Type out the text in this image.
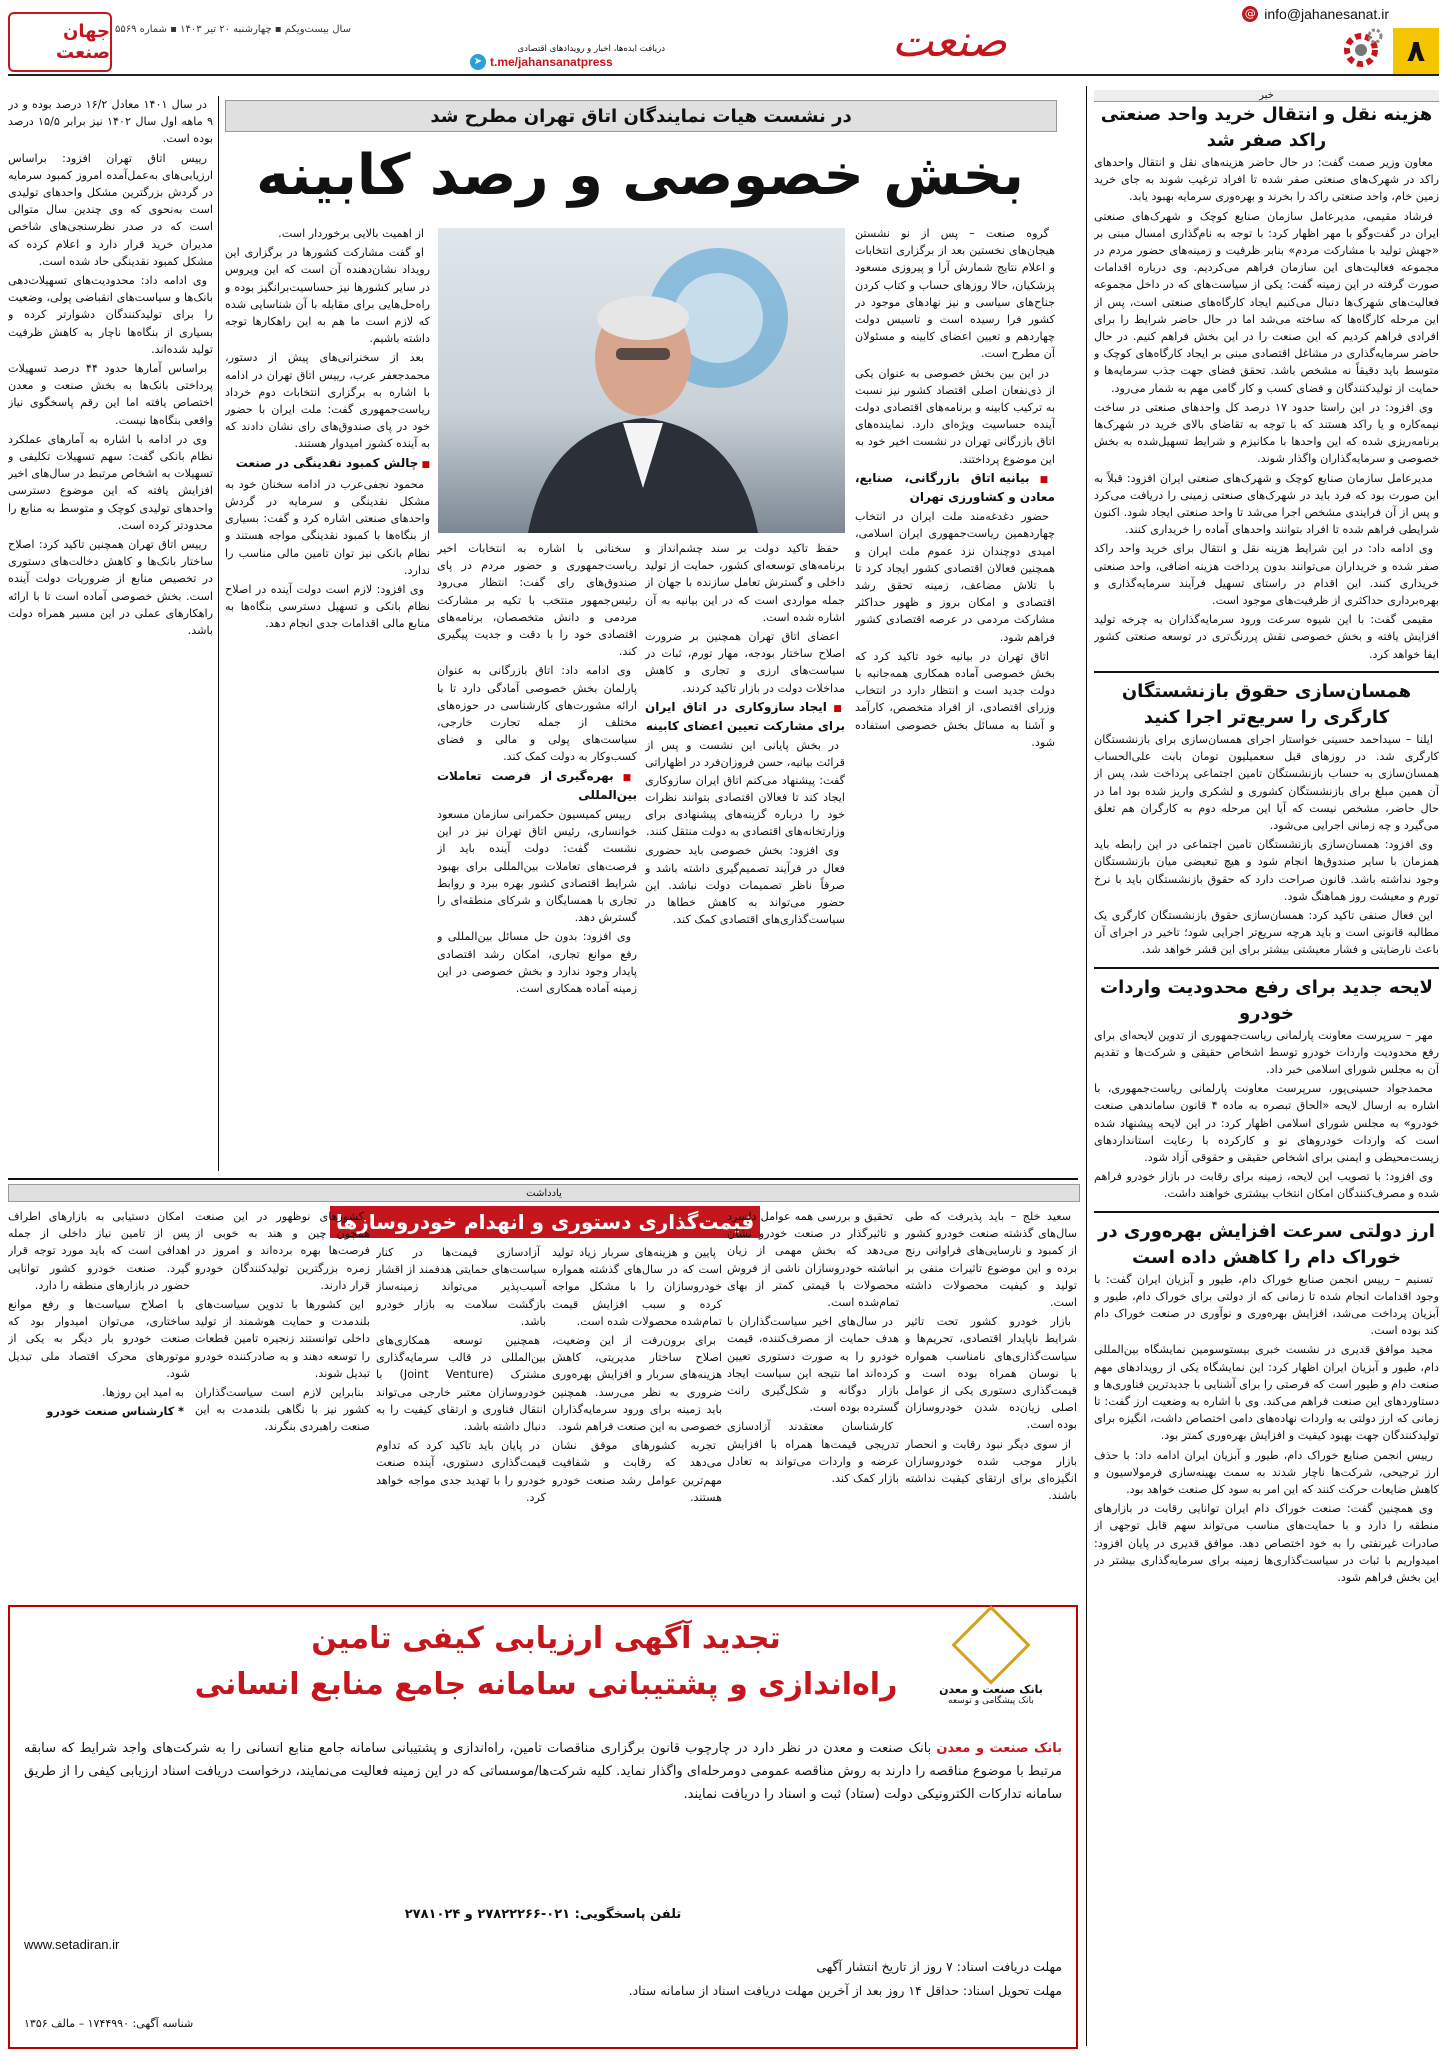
۸
@ info@jahanesanat.ir
صنعت
دریافت ایده‌ها، اخبار و رویدادهای اقتصادی
t.me/jahansanatpress
➤
سال بیست‌ویکم ▪ چهارشنبه ۲۰ تیر ۱۴۰۳ ▪ شماره ۵۵۶۹
جهان صنعت
خبر
هزینه نقل و انتقال خرید واحد صنعتی راکد صفر شد

معاون وزیر صمت گفت: در حال حاضر هزینه‌های نقل و انتقال واحدهای راکد در شهرک‌های صنعتی صفر شده تا افراد ترغیب شوند به جای خرید زمین خام، واحد صنعتی راکد را بخرند و بهره‌وری سرمایه بهبود یابد.

فرشاد مقیمی، مدیرعامل سازمان صنایع کوچک و شهرک‌های صنعتی ایران در گفت‌وگو با مهر اظهار کرد: با توجه به نام‌گذاری امسال مبنی بر «جهش تولید با مشارکت مردم» بنابر ظرفیت و زمینه‌های حضور مردم در مجموعه فعالیت‌های این سازمان فراهم می‌کردیم. وی درباره اقدامات صورت گرفته در این زمینه گفت: یکی از سیاست‌های که در داخل مجموعه فعالیت‌های شهرک‌ها دنبال می‌کنیم ایجاد کارگاه‌های صنعتی است، پس از این مرحله کارگاه‌ها که ساخته می‌شد اما در حال حاضر شرایط را برای افرادی فراهم کردیم که این صنعت را در این بخش فراهم کنیم. در حال حاضر سرمایه‌گذاری در مشاغل اقتصادی مبنی بر ایجاد کارگاه‌های کوچک و متوسط باید دقیقاً نه مشخص باشد. تحقق فضای جهت جذب سرمایه‌ها و حمایت از تولیدکنندگان و فضای کسب و کار گامی مهم به شمار می‌رود.

وی افزود: در این راستا حدود ۱۷ درصد کل واحدهای صنعتی در ساخت نیمه‌کاره و یا راکد هستند که با توجه به تقاضای بالای خرید در شهرک‌ها برنامه‌ریزی شده که این واحدها با مکانیزم و شرایط تسهیل‌شده به بخش خصوصی و سرمایه‌گذاران واگذار شوند.

مدیرعامل سازمان صنایع کوچک و شهرک‌های صنعتی ایران افزود: قبلاً به این صورت بود که فرد باید در شهرک‌های صنعتی زمینی را دریافت می‌کرد و پس از آن فرایندی مشخص اجرا می‌شد تا واحد صنعتی ایجاد شود. اکنون شرایطی فراهم شده تا افراد بتوانند واحدهای آماده را خریداری کنند.

وی ادامه داد: در این شرایط هزینه نقل و انتقال برای خرید واحد راکد صفر شده و خریداران می‌توانند بدون پرداخت هزینه اضافی، واحد صنعتی خریداری کنند. این اقدام در راستای تسهیل فرآیند سرمایه‌گذاری و بهره‌برداری حداکثری از ظرفیت‌های موجود است.

مقیمی گفت: با این شیوه سرعت ورود سرمایه‌گذاران به چرخه تولید افزایش یافته و بخش خصوصی نقش پررنگ‌تری در توسعه صنعتی کشور ایفا خواهد کرد.

همسان‌سازی حقوق بازنشستگان کارگری را سریع‌تر اجرا کنید

ایلنا – سیداحمد حسینی خواستار اجرای همسان‌سازی برای بازنشستگان کارگری شد. در روزهای قبل سعمیلیون تومان بابت علی‌الحساب همسان‌سازی به حساب بازنشستگان تامین اجتماعی پرداخت شد، پس از آن همین مبلغ برای بازنشستگان کشوری و لشکری واریز شده بود اما در حال حاضر، مشخص نیست که آیا این مرحله دوم به کارگران هم تعلق می‌گیرد و چه زمانی اجرایی می‌شود.

وی افزود: همسان‌سازی بازنشستگان تامین اجتماعی در این رابطه باید همزمان با سایر صندوق‌ها انجام شود و هیچ تبعیضی میان بازنشستگان وجود نداشته باشد. قانون صراحت دارد که حقوق بازنشستگان باید با نرخ تورم و معیشت روز هماهنگ شود.

این فعال صنفی تاکید کرد: همسان‌سازی حقوق بازنشستگان کارگری یک مطالبه قانونی است و باید هرچه سریع‌تر اجرایی شود؛ تاخیر در اجرای آن باعث نارضایتی و فشار معیشتی بیشتر برای این قشر خواهد شد.

لایحه جدید برای رفع محدودیت واردات خودرو

مهر – سرپرست معاونت پارلمانی ریاست‌جمهوری از تدوین لایحه‌ای برای رفع محدودیت واردات خودرو توسط اشخاص حقیقی و شرکت‌ها و تقدیم آن به مجلس شورای اسلامی خبر داد.

محمدجواد حسینی‌پور، سرپرست معاونت پارلمانی ریاست‌جمهوری، با اشاره به ارسال لایحه «الحاق تبصره به ماده ۴ قانون ساماندهی صنعت خودرو» به مجلس شورای اسلامی اظهار کرد: در این لایحه پیشنهاد شده است که واردات خودروهای نو و کارکرده با رعایت استانداردهای زیست‌محیطی و ایمنی برای اشخاص حقیقی و حقوقی آزاد شود.

وی افزود: با تصویب این لایحه، زمینه برای رقابت در بازار خودرو فراهم شده و مصرف‌کنندگان امکان انتخاب بیشتری خواهند داشت.

ارز دولتی سرعت افزایش بهره‌وری در خوراک دام را کاهش داده است

تسنیم – رییس انجمن صنایع خوراک دام، طیور و آبزیان ایران گفت: با وجود اقدامات انجام شده تا زمانی که از دولتی برای خوراک دام، طیور و آبزیان پرداخت می‌شد، افزایش بهره‌وری و نوآوری در صنعت خوراک دام کند بوده است.

مجید موافق قدیری در نشست خبری بیستوسومین نمایشگاه بین‌المللی دام، طیور و آبزیان ایران اظهار کرد: این نمایشگاه یکی از رویدادهای مهم صنعت دام و طیور است که فرصتی را برای آشنایی با جدیدترین فناوری‌ها و دستاوردهای این صنعت فراهم می‌کند. وی با اشاره به وضعیت ارز گفت: تا زمانی که ارز دولتی به واردات نهاده‌های دامی اختصاص داشت، انگیزه برای تولیدکنندگان جهت بهبود کیفیت و افزایش بهره‌وری کمتر بود.

رییس انجمن صنایع خوراک دام، طیور و آبزیان ایران ادامه داد: با حذف ارز ترجیحی، شرکت‌ها ناچار شدند به سمت بهینه‌سازی فرمولاسیون و کاهش ضایعات حرکت کنند که این امر به سود کل صنعت خواهد بود.

وی همچنین گفت: صنعت خوراک دام ایران توانایی رقابت در بازارهای منطقه را دارد و با حمایت‌های مناسب می‌تواند سهم قابل توجهی از صادرات غیرنفتی را به خود اختصاص دهد. موافق قدیری در پایان افزود: امیدواریم با ثبات در سیاست‌گذاری‌ها زمینه برای سرمایه‌گذاری بیشتر در این بخش فراهم شود.

در نشست هیات نمایندگان اتاق تهران مطرح شد
بخش خصوصی و رصد کابینه

در سال ۱۴۰۱ معادل ۱۶/۲ درصد بوده و در ۹ ماهه اول سال ۱۴۰۲ نیز برابر ۱۵/۵ درصد بوده است.

رییس اتاق تهران افزود: براساس ارزیابی‌های به‌عمل‌آمده امروز کمبود سرمایه در گردش بزرگترین مشکل واحدهای تولیدی است به‌نحوی که وی چندین سال متوالی است که در صدر نظرسنجی‌های شاخص مدیران خرید قرار دارد و اعلام کرده که مشکل کمبود نقدینگی حاد شده است.

وی ادامه داد: محدودیت‌های تسهیلات‌دهی بانک‌ها و سیاست‌های انقباضی پولی، وضعیت را برای تولیدکنندگان دشوارتر کرده و بسیاری از بنگاه‌ها ناچار به کاهش ظرفیت تولید شده‌اند.

براساس آمارها حدود ۴۴ درصد تسهیلات پرداختی بانک‌ها به بخش صنعت و معدن اختصاص یافته اما این رقم پاسخگوی نیاز واقعی بنگاه‌ها نیست.

وی در ادامه با اشاره به آمارهای عملکرد نظام بانکی گفت: سهم تسهیلات تکلیفی و تسهیلات به اشخاص مرتبط در سال‌های اخیر افزایش یافته که این موضوع دسترسی واحدهای تولیدی کوچک و متوسط به منابع را محدودتر کرده است.

رییس اتاق تهران همچنین تاکید کرد: اصلاح ساختار بانک‌ها و کاهش دخالت‌های دستوری در تخصیص منابع از ضروریات دولت آینده است. بخش خصوصی آماده است تا با ارائه راهکارهای عملی در این مسیر همراه دولت باشد.

گروه صنعت – پس از نو نشستن هیجان‌های نخستین بعد از برگزاری انتخابات و اعلام نتایج شمارش آرا و پیروزی مسعود پزشکیان، حالا روزهای حساب و کتاب کردن جناح‌های سیاسی و نیز نهادهای موجود در کشور فرا رسیده است و تاسیس دولت چهاردهم و تعیین اعضای کابینه و مسئولان آن مطرح است.

در این بین بخش خصوصی به عنوان یکی از ذی‌نفعان اصلی اقتصاد کشور نیز نسبت به ترکیب کابینه و برنامه‌های اقتصادی دولت آینده حساسیت ویژه‌ای دارد. نماینده‌های اتاق بازرگانی تهران در نشست اخیر خود به این موضوع پرداختند.

■ بیانیه اتاق بازرگانی، صنایع، معادن و کشاورزی تهران

حضور دغدغه‌مند ملت ایران در انتخاب چهاردهمین ریاست‌جمهوری ایران اسلامی، امیدی دوچندان نزد عموم ملت ایران و همچنین فعالان اقتصادی کشور ایجاد کرد تا با تلاش مضاعف، زمینه تحقق رشد اقتصادی و امکان بروز و ظهور حداکثر مشارکت مردمی در عرصه اقتصادی کشور فراهم شود.

اتاق تهران در بیانیه خود تاکید کرد که بخش خصوصی آماده همکاری همه‌جانبه با دولت جدید است و انتظار دارد در انتخاب وزرای اقتصادی، از افراد متخصص، کارآمد و آشنا به مسائل بخش خصوصی استفاده شود.

حفظ تاکید دولت بر سند چشم‌انداز و برنامه‌های توسعه‌ای کشور، حمایت از تولید داخلی و گسترش تعامل سازنده با جهان از جمله مواردی است که در این بیانیه به آن اشاره شده است.

اعضای اتاق تهران همچنین بر ضرورت اصلاح ساختار بودجه، مهار تورم، ثبات در سیاست‌های ارزی و تجاری و کاهش مداخلات دولت در بازار تاکید کردند.

■ ایجاد سازوکاری در اتاق ایران برای مشارکت تعیین اعضای کابینه

در بخش پایانی این نشست و پس از قرائت بیانیه، حسن فروزان‌فرد در اظهاراتی گفت: پیشنهاد می‌کنم اتاق ایران سازوکاری ایجاد کند تا فعالان اقتصادی بتوانند نظرات خود را درباره گزینه‌های پیشنهادی برای وزارتخانه‌های اقتصادی به دولت منتقل کنند.

وی افزود: بخش خصوصی باید حضوری فعال در فرآیند تصمیم‌گیری داشته باشد و صرفاً ناظر تصمیمات دولت نباشد. این حضور می‌تواند به کاهش خطاها در سیاست‌گذاری‌های اقتصادی کمک کند.

سخنانی با اشاره به انتخابات اخیر ریاست‌جمهوری و حضور مردم در پای صندوق‌های رای گفت: انتظار می‌رود رئیس‌جمهور منتخب با تکیه بر مشارکت مردمی و دانش متخصصان، برنامه‌های اقتصادی خود را با دقت و جدیت پیگیری کند.

وی ادامه داد: اتاق بازرگانی به عنوان پارلمان بخش خصوصی آمادگی دارد تا با ارائه مشورت‌های کارشناسی در حوزه‌های مختلف از جمله تجارت خارجی، سیاست‌های پولی و مالی و فضای کسب‌وکار به دولت کمک کند.

■ بهره‌گیری از فرصت تعاملات بین‌المللی

رییس کمیسیون حکمرانی سازمان مسعود خوانساری، رئیس اتاق تهران نیز در این نشست گفت: دولت آینده باید از فرصت‌های تعاملات بین‌المللی برای بهبود شرایط اقتصادی کشور بهره ببرد و روابط تجاری با همسایگان و شرکای منطقه‌ای را گسترش دهد.

وی افزود: بدون حل مسائل بین‌المللی و رفع موانع تجاری، امکان رشد اقتصادی پایدار وجود ندارد و بخش خصوصی در این زمینه آماده همکاری است.

از اهمیت بالایی برخوردار است.

او گفت مشارکت کشورها در برگزاری این رویداد نشان‌دهنده آن است که این ویروس در سایر کشورها نیز حساسیت‌برانگیز بوده و راه‌حل‌هایی برای مقابله با آن شناسایی شده که لازم است ما هم به این راهکارها توجه داشته باشیم.

بعد از سخنرانی‌های پیش از دستور، محمدجعفر عرب، رییس اتاق تهران در ادامه با اشاره به برگزاری انتخابات دوم خرداد ریاست‌جمهوری گفت: ملت ایران با حضور خود در پای صندوق‌های رای نشان دادند که به آینده کشور امیدوار هستند.

■ چالش کمبود نقدینگی در صنعت

محمود نجفی‌عرب در ادامه سخنان خود به مشکل نقدینگی و سرمایه در گردش واحدهای صنعتی اشاره کرد و گفت: بسیاری از بنگاه‌ها با کمبود نقدینگی مواجه هستند و نظام بانکی نیز توان تامین مالی مناسب را ندارد.

وی افزود: لازم است دولت آینده در اصلاح نظام بانکی و تسهیل دسترسی بنگاه‌ها به منابع مالی اقدامات جدی انجام دهد.

یادداشت
قیمت‌گذاری دستوری و انهدام خودروسازها	سعید خلج – باید پذیرفت که طی سال‌های گذشته صنعت خودرو کشور از کمبود و نارسایی‌های فراوانی رنج برده و این موضوع تاثیرات منفی بر تولید و کیفیت محصولات داشته است.

بازار خودرو کشور تحت تاثیر شرایط ناپایدار اقتصادی، تحریم‌ها و سیاست‌گذاری‌های نامناسب همواره با نوسان همراه بوده است و قیمت‌گذاری دستوری یکی از عوامل اصلی زیان‌ده شدن خودروسازان بوده است.

از سوی دیگر نبود رقابت و انحصار بازار موجب شده خودروسازان انگیزه‌ای برای ارتقای کیفیت نداشته باشند.

تحقیق و بررسی همه عوامل دلسرد و تاثیرگذار در صنعت خودرو نشان می‌دهد که بخش مهمی از زیان انباشته خودروسازان ناشی از فروش محصولات با قیمتی کمتر از بهای تمام‌شده است.

در سال‌های اخیر سیاست‌گذاران با هدف حمایت از مصرف‌کننده، قیمت خودرو را به صورت دستوری تعیین کرده‌اند اما نتیجه این سیاست ایجاد بازار دوگانه و شکل‌گیری رانت گسترده بوده است.

کارشناسان معتقدند آزادسازی تدریجی قیمت‌ها همراه با افزایش عرضه و واردات می‌تواند به تعادل بازار کمک کند.

پایین و هزینه‌های سربار زیاد تولید است که در سال‌های گذشته همواره خودروسازان را با مشکل مواجه کرده و سبب افزایش قیمت تمام‌شده محصولات شده است.

برای برون‌رفت از این وضعیت، اصلاح ساختار مدیریتی، کاهش هزینه‌های سربار و افزایش بهره‌وری ضروری به نظر می‌رسد. همچنین باید زمینه برای ورود سرمایه‌گذاران خصوصی به این صنعت فراهم شود.

تجربه کشورهای موفق نشان می‌دهد که رقابت و شفافیت مهم‌ترین عوامل رشد صنعت خودرو هستند.

آزادسازی قیمت‌ها در کنار سیاست‌های حمایتی هدفمند از اقشار آسیب‌پذیر می‌تواند زمینه‌ساز بازگشت سلامت به بازار خودرو باشد.

همچنین توسعه همکاری‌های بین‌المللی در قالب سرمایه‌گذاری مشترک (Joint Venture) با خودروسازان معتبر خارجی می‌تواند انتقال فناوری و ارتقای کیفیت را به دنبال داشته باشد.

در پایان باید تاکید کرد که تداوم قیمت‌گذاری دستوری، آینده صنعت خودرو را با تهدید جدی مواجه خواهد کرد.

کشورهای نوظهور در این صنعت همچون چین و هند به خوبی از فرصت‌ها بهره برده‌اند و امروز در زمره بزرگترین تولیدکنندگان خودرو قرار دارند.

این کشورها با تدوین سیاست‌های بلندمدت و حمایت هوشمند از تولید داخلی توانستند زنجیره تامین قطعات را توسعه دهند و به صادرکننده خودرو تبدیل شوند.

بنابراین لازم است سیاست‌گذاران کشور نیز با نگاهی بلندمدت به این صنعت راهبردی بنگرند.

امکان دستیابی به بازارهای اطراف پس از تامین نیاز داخلی از جمله اهدافی است که باید مورد توجه قرار گیرد. صنعت خودرو کشور توانایی حضور در بازارهای منطقه را دارد.

با اصلاح سیاست‌ها و رفع موانع ساختاری، می‌توان امیدوار بود که صنعت خودرو بار دیگر به یکی از موتورهای محرک اقتصاد ملی تبدیل شود.

به امید این روزها.

* کارشناس صنعت خودرو

بانک صنعت و معدن
بانک پیشگامی و توسعه
تجدید آگهی ارزیابی کیفی تامین
راه‌اندازی و پشتیبانی سامانه جامع منابع انسانی
بانک صنعت و معدن بانک صنعت و معدن در نظر دارد در چارچوب قانون برگزاری مناقصات تامین، راه‌اندازی و پشتیبانی سامانه جامع منابع انسانی را به شرکت‌های واجد شرایط که سابقه مرتبط با موضوع مناقصه را دارند به روش مناقصه عمومی دومرحله‌ای واگذار نماید. کلیه شرکت‌ها/موسساتی که در این زمینه فعالیت می‌نمایند، درخواست دریافت اسناد ارزیابی کیفی را از طریق سامانه تدارکات الکترونیکی دولت (ستاد) ثبت و اسناد را دریافت نمایند.
تلفن پاسخگویی: ۰۲۱-۲۷۸۲۲۲۶۶ و ۲۷۸۱۰۲۴
www.setadiran.ir
مهلت دریافت اسناد: ۷ روز از تاریخ انتشار آگهی
مهلت تحویل اسناد: حداقل ۱۴ روز بعد از آخرین مهلت دریافت اسناد از سامانه ستاد.
شناسه آگهی: ۱۷۴۴۹۹۰ – مالف ۱۳۵۶
